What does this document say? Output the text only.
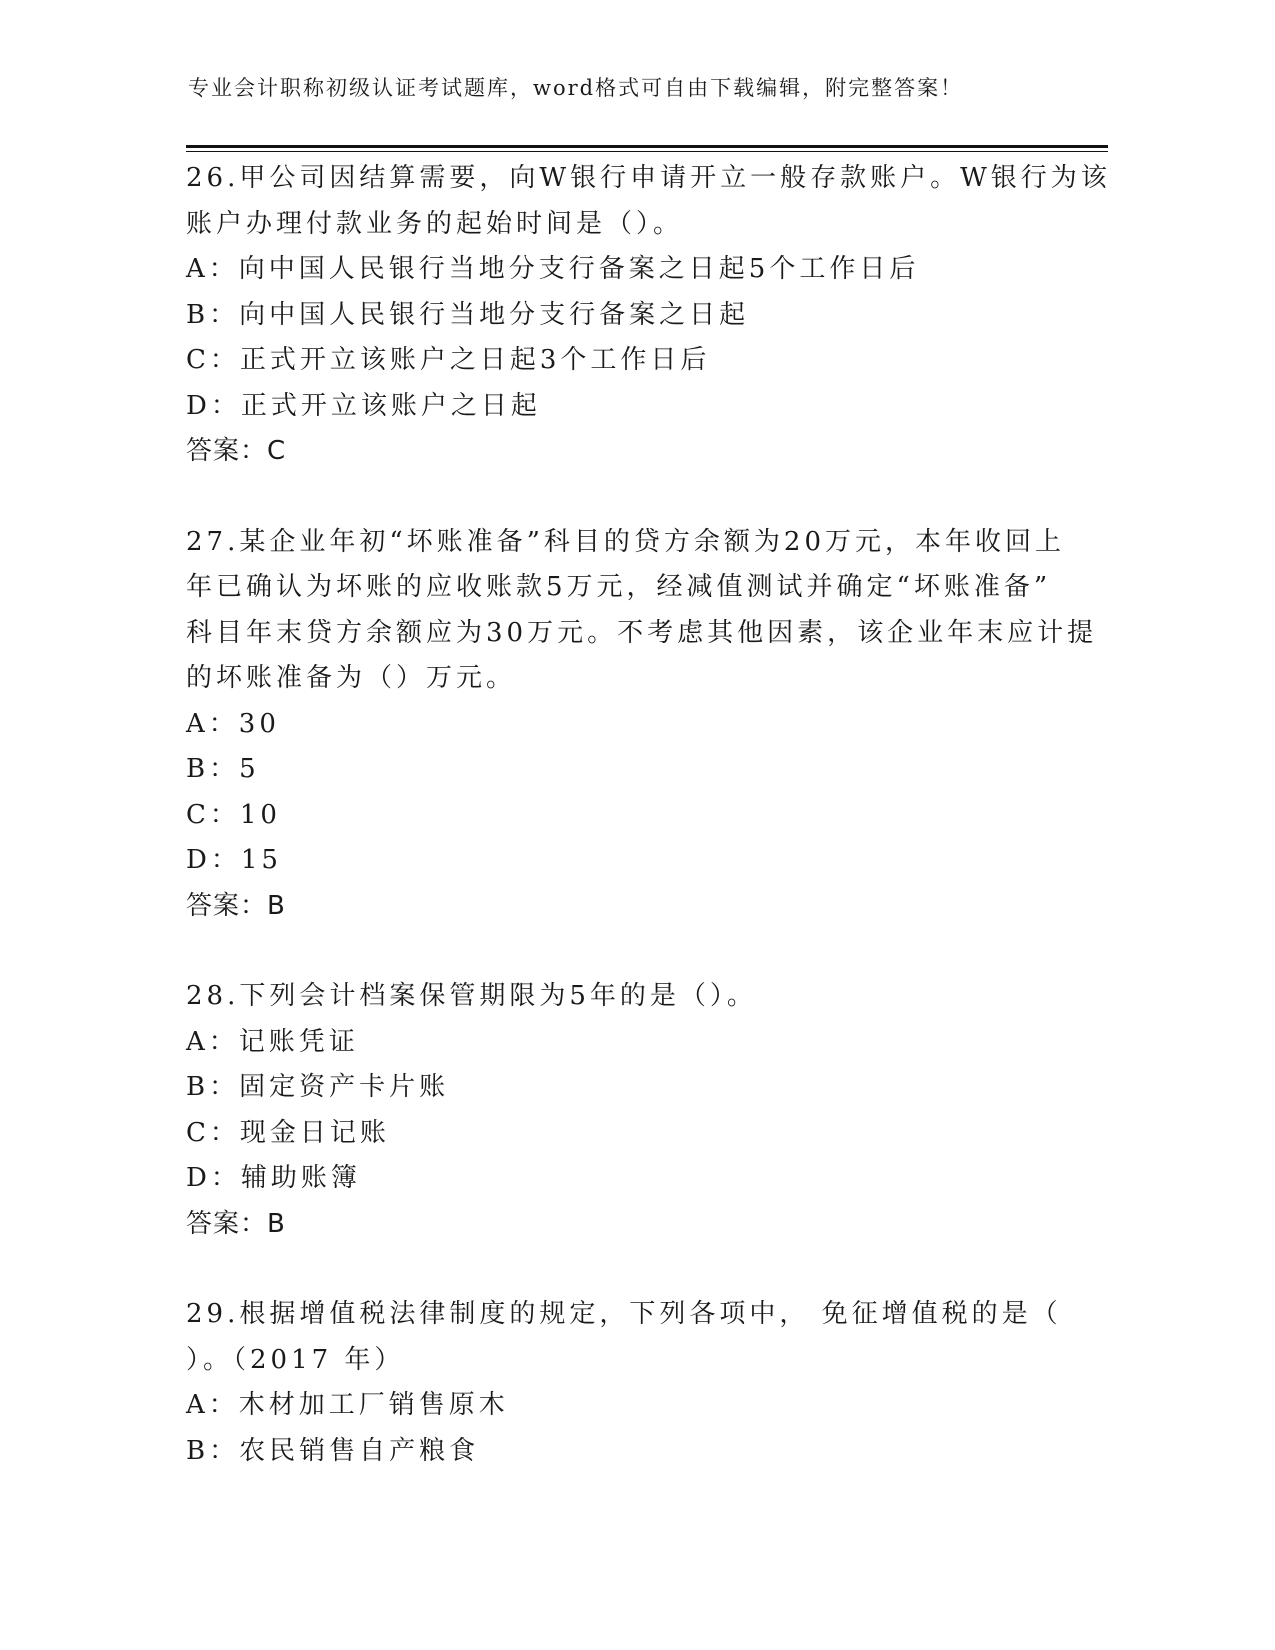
专业会计职称初级认证考试题库，word格式可自由下载编辑，附完整答案！

26.甲公司因结算需要，向W银行申请开立一般存款账户。W银行为该

账户办理付款业务的起始时间是（）。

A：向中国人民银行当地分支行备案之日起5个工作日后

B：向中国人民银行当地分支行备案之日起

C：正式开立该账户之日起3个工作日后

D：正式开立该账户之日起

答案：C

27.某企业年初“坏账准备”科目的贷方余额为20万元，本年收回上

年已确认为坏账的应收账款5万元，经减值测试并确定“坏账准备”

科目年末贷方余额应为30万元。不考虑其他因素，该企业年末应计提

的坏账准备为（）万元。

A：30

B：5

C：10

D：15

答案：B

28.下列会计档案保管期限为5年的是（）。

A：记账凭证

B：固定资产卡片账

C：现金日记账

D：辅助账簿

答案：B

29.根据增值税法律制度的规定，下列各项中， 免征增值税的是（

）。（2017 年）

A：木材加工厂销售原木

B：农民销售自产粮食
